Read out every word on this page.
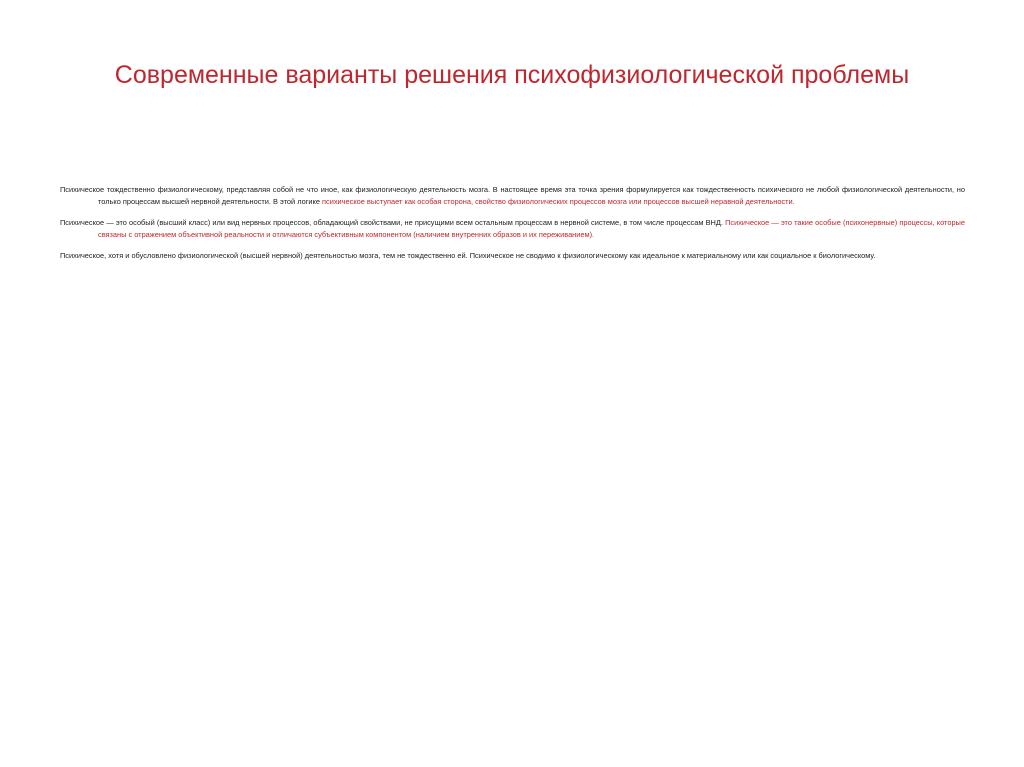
Современные варианты решения психофизиологической проблемы

Психическое тождественно физиологическому, представляя собой не что иное, как физиологическую деятельность мозга. В настоящее время эта точка зрения формулируется как тождественность психического не любой физиологической деятельности, но только процессам высшей нервной деятельности. В этой логике психическое выступает как особая сторона, свойство физиологических процессов мозга или процессов высшей неравной деятельности.

Психическое — это особый (высший класс) или вид нервных процессов, обладающий свойствами, не присущими всем остальным процессам в нервной системе, в том числе процессам ВНД. Психическое — это такие особые (психонервные) процессы, которые связаны с отражением объективной реальности и отличаются субъективным компонентом (наличием внутренних образов и их переживанием).

Психическое, хотя и обусловлено физиологической (высшей нервной) деятельностью мозга, тем не тождественно ей. Психическое не сводимо к физиологическому как идеальное к материальному или как социальное к биологическому.
